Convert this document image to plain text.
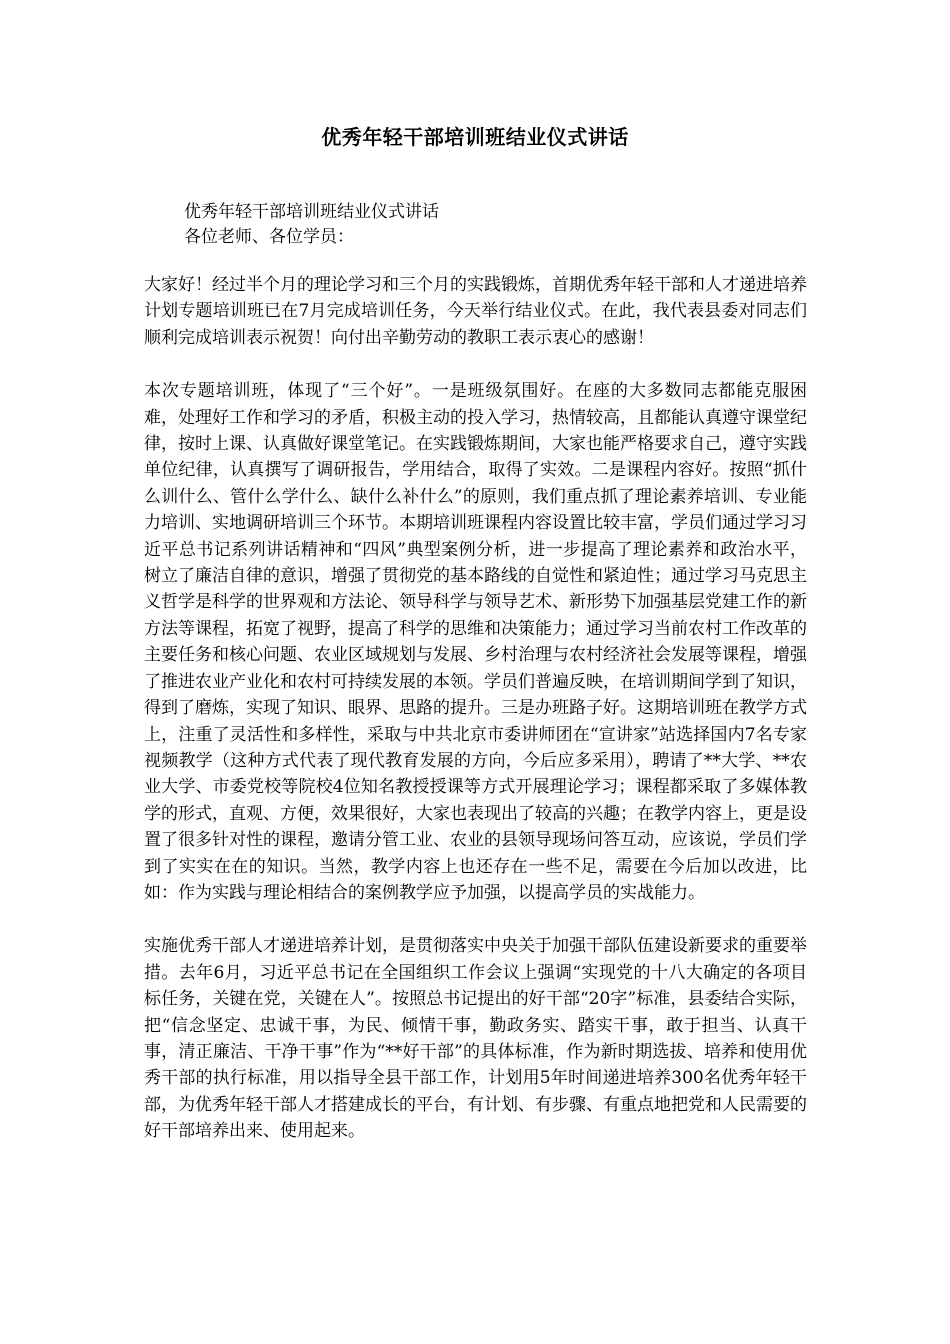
优秀年轻干部培训班结业仪式讲话
优秀年轻干部培训班结业仪式讲话
各位老师、各位学员：

大家好！经过半个月的理论学习和三个月的实践锻炼，首期优秀年轻干部和人才递进培养计划专题培训班已在7月完成培训任务，今天举行结业仪式。在此，我代表县委对同志们顺利完成培训表示祝贺！向付出辛勤劳动的教职工表示衷心的感谢！

本次专题培训班，体现了“三个好”。一是班级氛围好。在座的大多数同志都能克服困难，处理好工作和学习的矛盾，积极主动的投入学习，热情较高，且都能认真遵守课堂纪律，按时上课、认真做好课堂笔记。在实践锻炼期间，大家也能严格要求自己，遵守实践单位纪律，认真撰写了调研报告，学用结合，取得了实效。二是课程内容好。按照“抓什么训什么、管什么学什么、缺什么补什么”的原则，我们重点抓了理论素养培训、专业能力培训、实地调研培训三个环节。本期培训班课程内容设置比较丰富，学员们通过学习习近平总书记系列讲话精神和“四风”典型案例分析，进一步提高了理论素养和政治水平，树立了廉洁自律的意识，增强了贯彻党的基本路线的自觉性和紧迫性；通过学习马克思主义哲学是科学的世界观和方法论、领导科学与领导艺术、新形势下加强基层党建工作的新方法等课程，拓宽了视野，提高了科学的思维和决策能力；通过学习当前农村工作改革的主要任务和核心问题、农业区域规划与发展、乡村治理与农村经济社会发展等课程，增强了推进农业产业化和农村可持续发展的本领。学员们普遍反映，在培训期间学到了知识，得到了磨炼，实现了知识、眼界、思路的提升。三是办班路子好。这期培训班在教学方式上，注重了灵活性和多样性，采取与中共北京市委讲师团在“宣讲家”站选择国内7名专家视频教学（这种方式代表了现代教育发展的方向，今后应多采用），聘请了**大学、**农业大学、市委党校等院校4位知名教授授课等方式开展理论学习；课程都采取了多媒体教学的形式，直观、方便，效果很好，大家也表现出了较高的兴趣；在教学内容上，更是设置了很多针对性的课程，邀请分管工业、农业的县领导现场问答互动，应该说，学员们学到了实实在在的知识。当然，教学内容上也还存在一些不足，需要在今后加以改进，比如：作为实践与理论相结合的案例教学应予加强，以提高学员的实战能力。

实施优秀干部人才递进培养计划，是贯彻落实中央关于加强干部队伍建设新要求的重要举措。去年6月，习近平总书记在全国组织工作会议上强调“实现党的十八大确定的各项目标任务，关键在党，关键在人”。按照总书记提出的好干部“20字”标准，县委结合实际，把“信念坚定、忠诚干事，为民、倾情干事，勤政务实、踏实干事，敢于担当、认真干事，清正廉洁、干净干事”作为“**好干部”的具体标准，作为新时期选拔、培养和使用优秀干部的执行标准，用以指导全县干部工作，计划用5年时间递进培养300名优秀年轻干部，为优秀年轻干部人才搭建成长的平台，有计划、有步骤、有重点地把党和人民需要的好干部培养出来、使用起来。
